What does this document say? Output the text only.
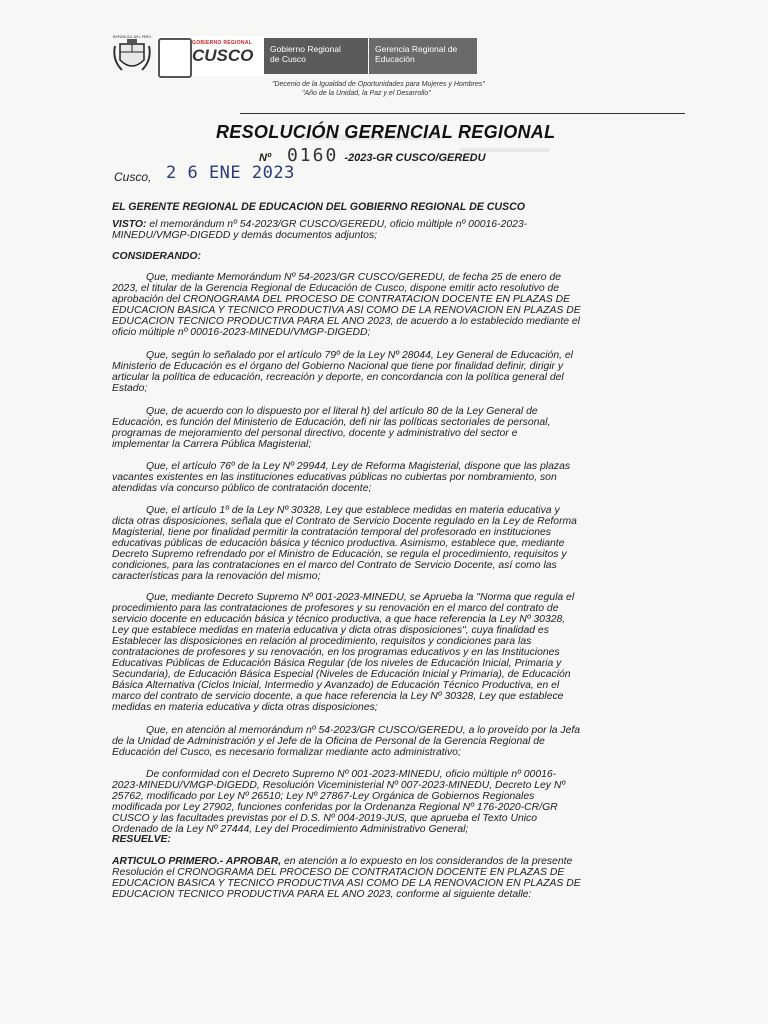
REPÚBLICA DEL PERÚ
GOBIERNO REGIONAL
CUSCO Gobierno Regional
de Cusco
Gerencia Regional de
Educación
"Decenio de la Igualdad de Oportunidades para Mujeres y Hombres"
"Año de la Unidad, la Paz y el Desarrollo"
RESOLUCIÓN GERENCIAL REGIONAL
Nº 0160 -2023-GR CUSCO/GEREDU
Cusco, 2 6 ENE 2023
EL GERENTE REGIONAL DE EDUCACIÓN DEL GOBIERNO REGIONAL DE CUSCO
VISTO: el memorándum nº 54-2023/GR CUSCO/GEREDU, oficio múltiple nº 00016-2023-
MINEDU/VMGP-DIGEDD y demás documentos adjuntos;
CONSIDERANDO:
Que, mediante Memorándum Nº 54-2023/GR CUSCO/GEREDU, de fecha 25 de enero de
2023, el titular de la Gerencia Regional de Educación de Cusco, dispone emitir acto resolutivo de
aprobación del CRONOGRAMA DEL PROCESO DE CONTRATACIÓN DOCENTE EN PLAZAS DE
EDUCACIÓN BÁSICA Y TÉCNICO PRODUCTIVA ASÍ COMO DE LA RENOVACIÓN EN PLAZAS DE
EDUCACIÓN TÉCNICO PRODUCTIVA PARA EL AÑO 2023, de acuerdo a lo establecido mediante el
oficio múltiple nº 00016-2023-MINEDU/VMGP-DIGEDD;
Que, según lo señalado por el artículo 79º de la Ley Nº 28044, Ley General de Educación, el
Ministerio de Educación es el órgano del Gobierno Nacional que tiene por finalidad definir, dirigir y
articular la política de educación, recreación y deporte, en concordancia con la política general del
Estado;
Que, de acuerdo con lo dispuesto por el literal h) del artículo 80 de la Ley General de
Educación, es función del Ministerio de Educación, defi nir las políticas sectoriales de personal,
programas de mejoramiento del personal directivo, docente y administrativo del sector e
implementar la Carrera Pública Magisterial;
Que, el artículo 76º de la Ley Nº 29944, Ley de Reforma Magisterial, dispone que las plazas
vacantes existentes en las instituciones educativas públicas no cubiertas por nombramiento, son
atendidas vía concurso público de contratación docente;
Que, el artículo 1º de la Ley Nº 30328, Ley que establece medidas en materia educativa y
dicta otras disposiciones, señala que el Contrato de Servicio Docente regulado en la Ley de Reforma
Magisterial, tiene por finalidad permitir la contratación temporal del profesorado en instituciones
educativas públicas de educación básica y técnico productiva. Asimismo, establece que, mediante
Decreto Supremo refrendado por el Ministro de Educación, se regula el procedimiento, requisitos y
condiciones, para las contrataciones en el marco del Contrato de Servicio Docente, así como las
características para la renovación del mismo;
Que, mediante Decreto Supremo Nº 001-2023-MINEDU, se Aprueba la "Norma que regula el
procedimiento para las contrataciones de profesores y su renovación en el marco del contrato de
servicio docente en educación básica y técnico productiva, a que hace referencia la Ley Nº 30328,
Ley que establece medidas en materia educativa y dicta otras disposiciones", cuya finalidad es
Establecer las disposiciones en relación al procedimiento, requisitos y condiciones para las
contrataciones de profesores y su renovación, en los programas educativos y en las Instituciones
Educativas Públicas de Educación Básica Regular (de los niveles de Educación Inicial, Primaria y
Secundaria), de Educación Básica Especial (Niveles de Educación Inicial y Primaria), de Educación
Básica Alternativa (Ciclos Inicial, Intermedio y Avanzado) de Educación Técnico Productiva, en el
marco del contrato de servicio docente, a que hace referencia la Ley Nº 30328, Ley que establece
medidas en materia educativa y dicta otras disposiciones;
Que, en atención al memorándum nº 54-2023/GR CUSCO/GEREDU, a lo proveído por la Jefa
de la Unidad de Administración y el Jefe de la Oficina de Personal de la Gerencia Regional de
Educación del Cusco, es necesario formalizar mediante acto administrativo;
De conformidad con el Decreto Supremo Nº 001-2023-MINEDU, oficio múltiple nº 00016-
2023-MINEDU/VMGP-DIGEDD, Resolución Viceministerial Nº 007-2023-MINEDU, Decreto Ley Nº
25762, modificado por Ley Nº 26510; Ley Nº 27867-Ley Orgánica de Gobiernos Regionales
modificada por Ley 27902, funciones conferidas por la Ordenanza Regional Nº 176-2020-CR/GR
CUSCO y las facultades previstas por el D.S. Nº 004-2019-JUS, que aprueba el Texto Único
Ordenado de la Ley Nº 27444, Ley del Procedimiento Administrativo General;
RESUELVE:
ARTÍCULO PRIMERO.- APROBAR, en atención a lo expuesto en los considerandos de la presente
Resolución el CRONOGRAMA DEL PROCESO DE CONTRATACIÓN DOCENTE EN PLAZAS DE
EDUCACIÓN BÁSICA Y TÉCNICO PRODUCTIVA ASÍ COMO DE LA RENOVACIÓN EN PLAZAS DE
EDUCACIÓN TÉCNICO PRODUCTIVA PARA EL AÑO 2023, conforme al siguiente detalle:
